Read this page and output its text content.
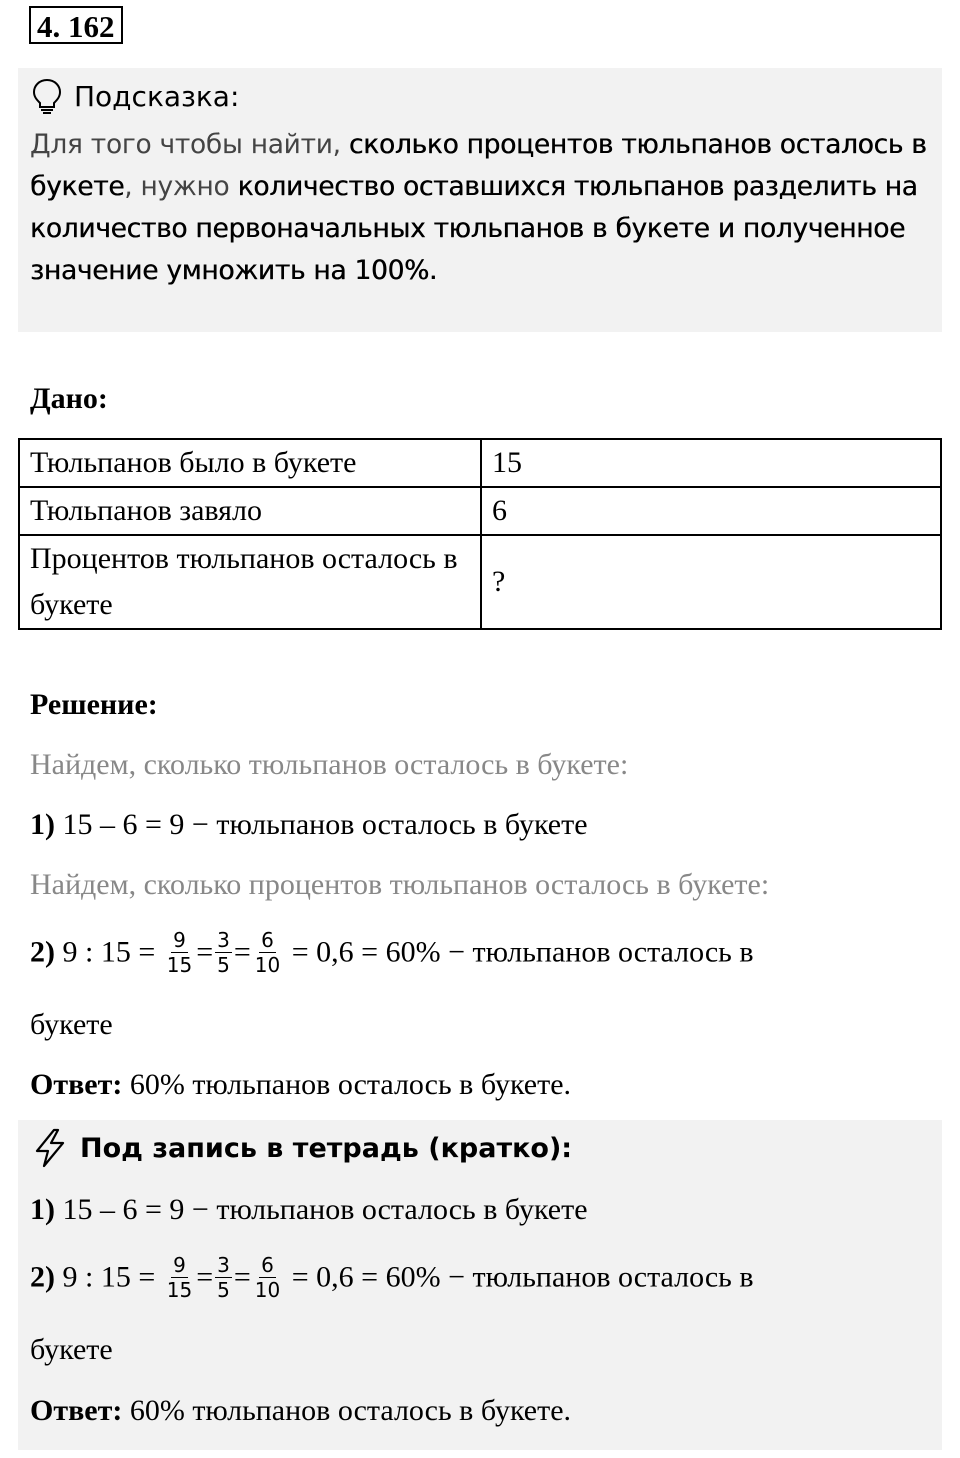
4. 162
Подсказка:
Для того чтобы найти, сколько процентов тюльпанов осталось в букете, нужно количество оставшихся тюльпанов разделить на количество первоначальных тюльпанов в букете и полученное значение умножить на 100%.
Дано:
Тюльпанов было в букете	15
Тюльпанов завяло	6
Процентов тюльпанов осталось в букете	?
Решение:
Найдем, сколько тюльпанов осталось в букете:
1) 15 – 6 = 9 − тюльпанов осталось в букете
Найдем, сколько процентов тюльпанов осталось в букете:
2) 9 : $15 = \frac{9}{15} = \frac{3}{5} = \frac{6}{10} = 0,6 = 60\%$ − тюльпанов осталось в
букете
Ответ: 60% тюльпанов осталось в букете.
Под запись в тетрадь (кратко):
1) 15 – 6 = 9 − тюльпанов осталось в букете
2) 9 : $15 = \frac{9}{15} = \frac{3}{5} = \frac{6}{10} = 0,6 = 60\%$ − тюльпанов осталось в
букете
Ответ: 60% тюльпанов осталось в букете.
